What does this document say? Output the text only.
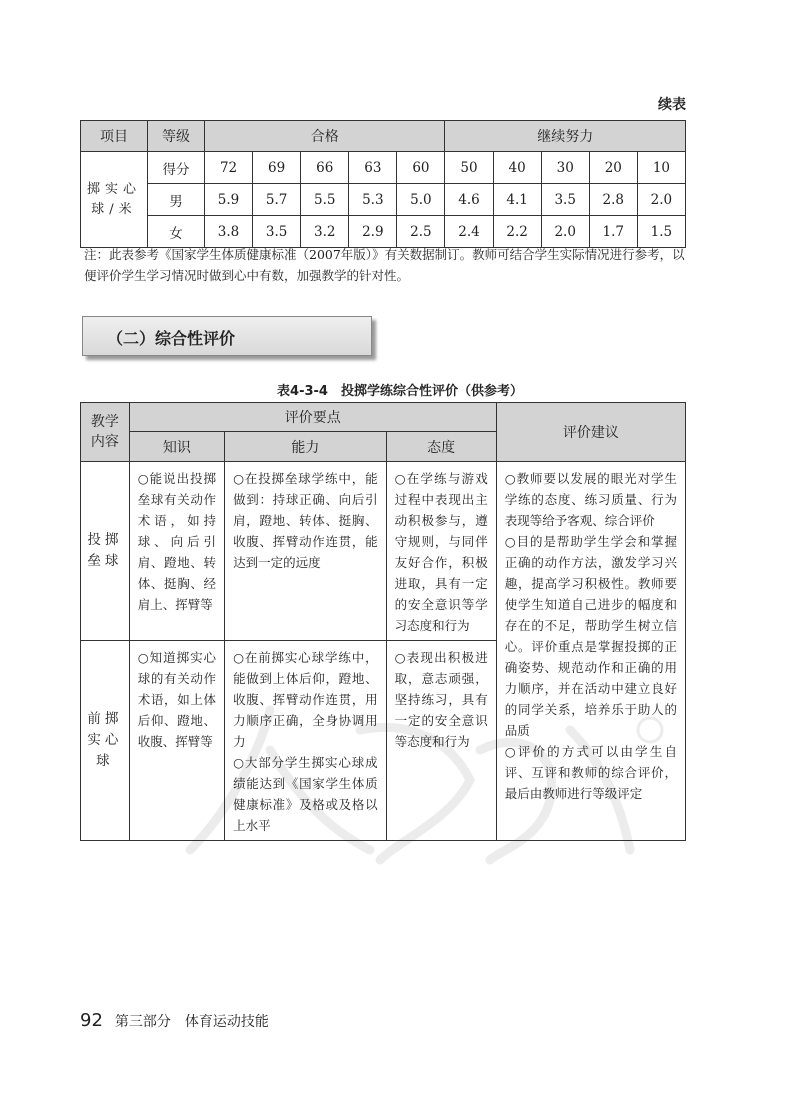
续表
项目	等级	合格					继续努力				
掷实心球/米	得分	72	69	66	63	60	50	40	30	20	10
	男	5.9	5.7	5.5	5.3	5.0	4.6	4.1	3.5	2.8	2.0
	女	3.8	3.5	3.2	2.9	2.5	2.4	2.2	2.0	1.7	1.5
注：此表参考《国家学生体质健康标准（2007年版）》有关数据制订。教师可结合学生实际情况进行参考，以便评价学生学习情况时做到心中有数，加强教学的针对性。
（二）综合性评价
表4-3-4　投掷学练综合性评价（供参考）
教学
内容	评价要点			评价建议
	知识	能力	态度	
投掷
垒球	○能说出投掷垒球有关动作术语，如持球、向后引肩、蹬地、转体、挺胸、经肩上、挥臂等	○在投掷垒球学练中，能做到：持球正确、向后引肩，蹬地、转体、挺胸、收腹、挥臂动作连贯，能达到一定的远度	○在学练与游戏过程中表现出主动积极参与，遵守规则，与同伴友好合作，积极进取，具有一定的安全意识等学习态度和行为	○教师要以发展的眼光对学生学练的态度、练习质量、行为表现等给予客观、综合评价
○目的是帮助学生学会和掌握正确的动作方法，激发学习兴趣，提高学习积极性。教师要使学生知道自己进步的幅度和存在的不足，帮助学生树立信心。评价重点是掌握投掷的正确姿势、规范动作和正确的用力顺序，并在活动中建立良好的同学关系，培养乐于助人的品质
○评价的方式可以由学生自评、互评和教师的综合评价，最后由教师进行等级评定
前掷
实心
球	○知道掷实心球的有关动作术语，如上体后仰、蹬地、收腹、挥臂等	○在前掷实心球学练中，能做到上体后仰，蹬地、收腹、挥臂动作连贯，用力顺序正确，全身协调用力
○大部分学生掷实心球成绩能达到《国家学生体质健康标准》及格或及格以上水平	○表现出积极进取，意志顽强，坚持练习，具有一定的安全意识等态度和行为	
92 第三部分　体育运动技能
